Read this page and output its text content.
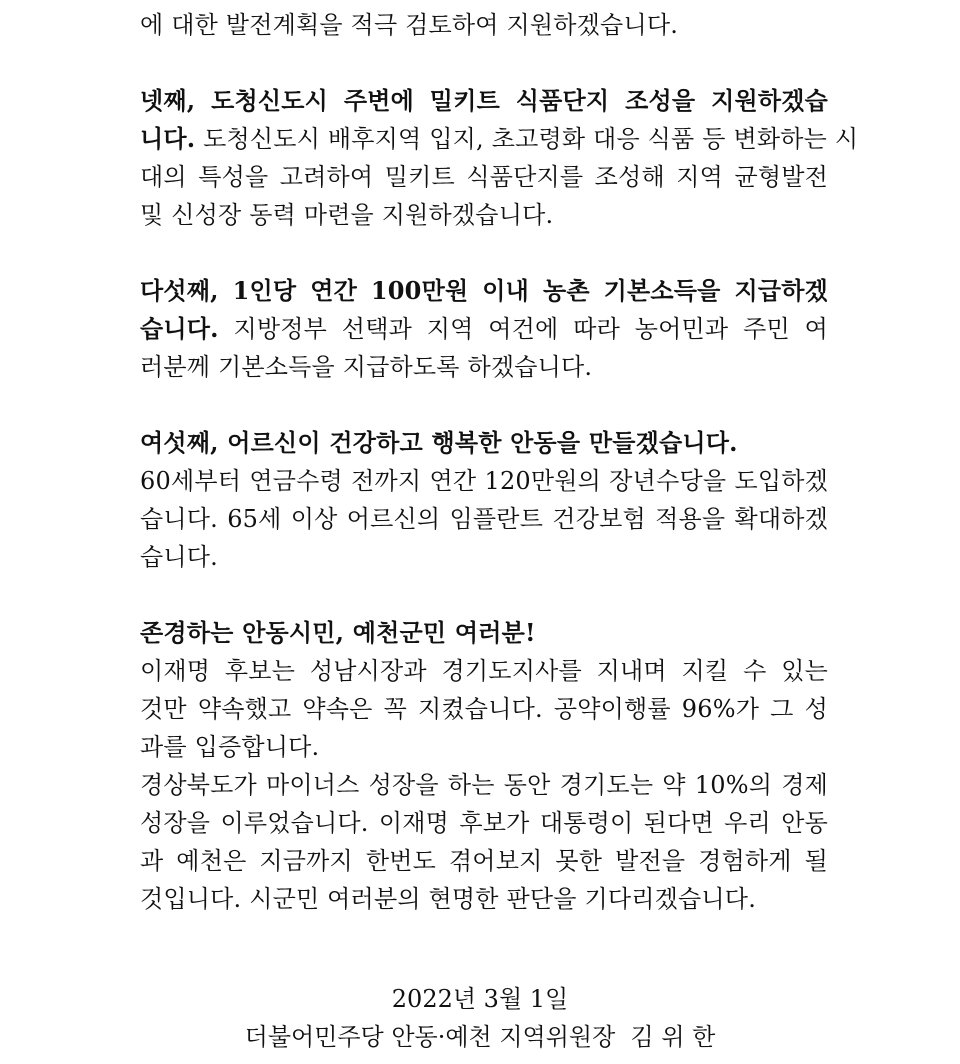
에 대한 발전계획을 적극 검토하여 지원하겠습니다.
넷째, 도청신도시 주변에 밀키트 식품단지 조성을 지원하겠습
니다. 도청신도시 배후지역 입지, 초고령화 대응 식품 등 변화하는 시
대의 특성을 고려하여 밀키트 식품단지를 조성해 지역 균형발전
및 신성장 동력 마련을 지원하겠습니다.
다섯째, 1인당 연간 100만원 이내 농촌 기본소득을 지급하겠
습니다. 지방정부 선택과 지역 여건에 따라 농어민과 주민 여
러분께 기본소득을 지급하도록 하겠습니다.
여섯째, 어르신이 건강하고 행복한 안동을 만들겠습니다.
60세부터 연금수령 전까지 연간 120만원의 장년수당을 도입하겠
습니다. 65세 이상 어르신의 임플란트 건강보험 적용을 확대하겠
습니다.
존경하는 안동시민, 예천군민 여러분!
이재명 후보는 성남시장과 경기도지사를 지내며 지킬 수 있는
것만 약속했고 약속은 꼭 지켰습니다. 공약이행률 96%가 그 성
과를 입증합니다.
경상북도가 마이너스 성장을 하는 동안 경기도는 약 10%의 경제
성장을 이루었습니다. 이재명 후보가 대통령이 된다면 우리 안동
과 예천은 지금까지 한번도 겪어보지 못한 발전을 경험하게 될
것입니다. 시군민 여러분의 현명한 판단을 기다리겠습니다.
2022년 3월 1일
더불어민주당 안동·예천 지역위원장  김 위 한
